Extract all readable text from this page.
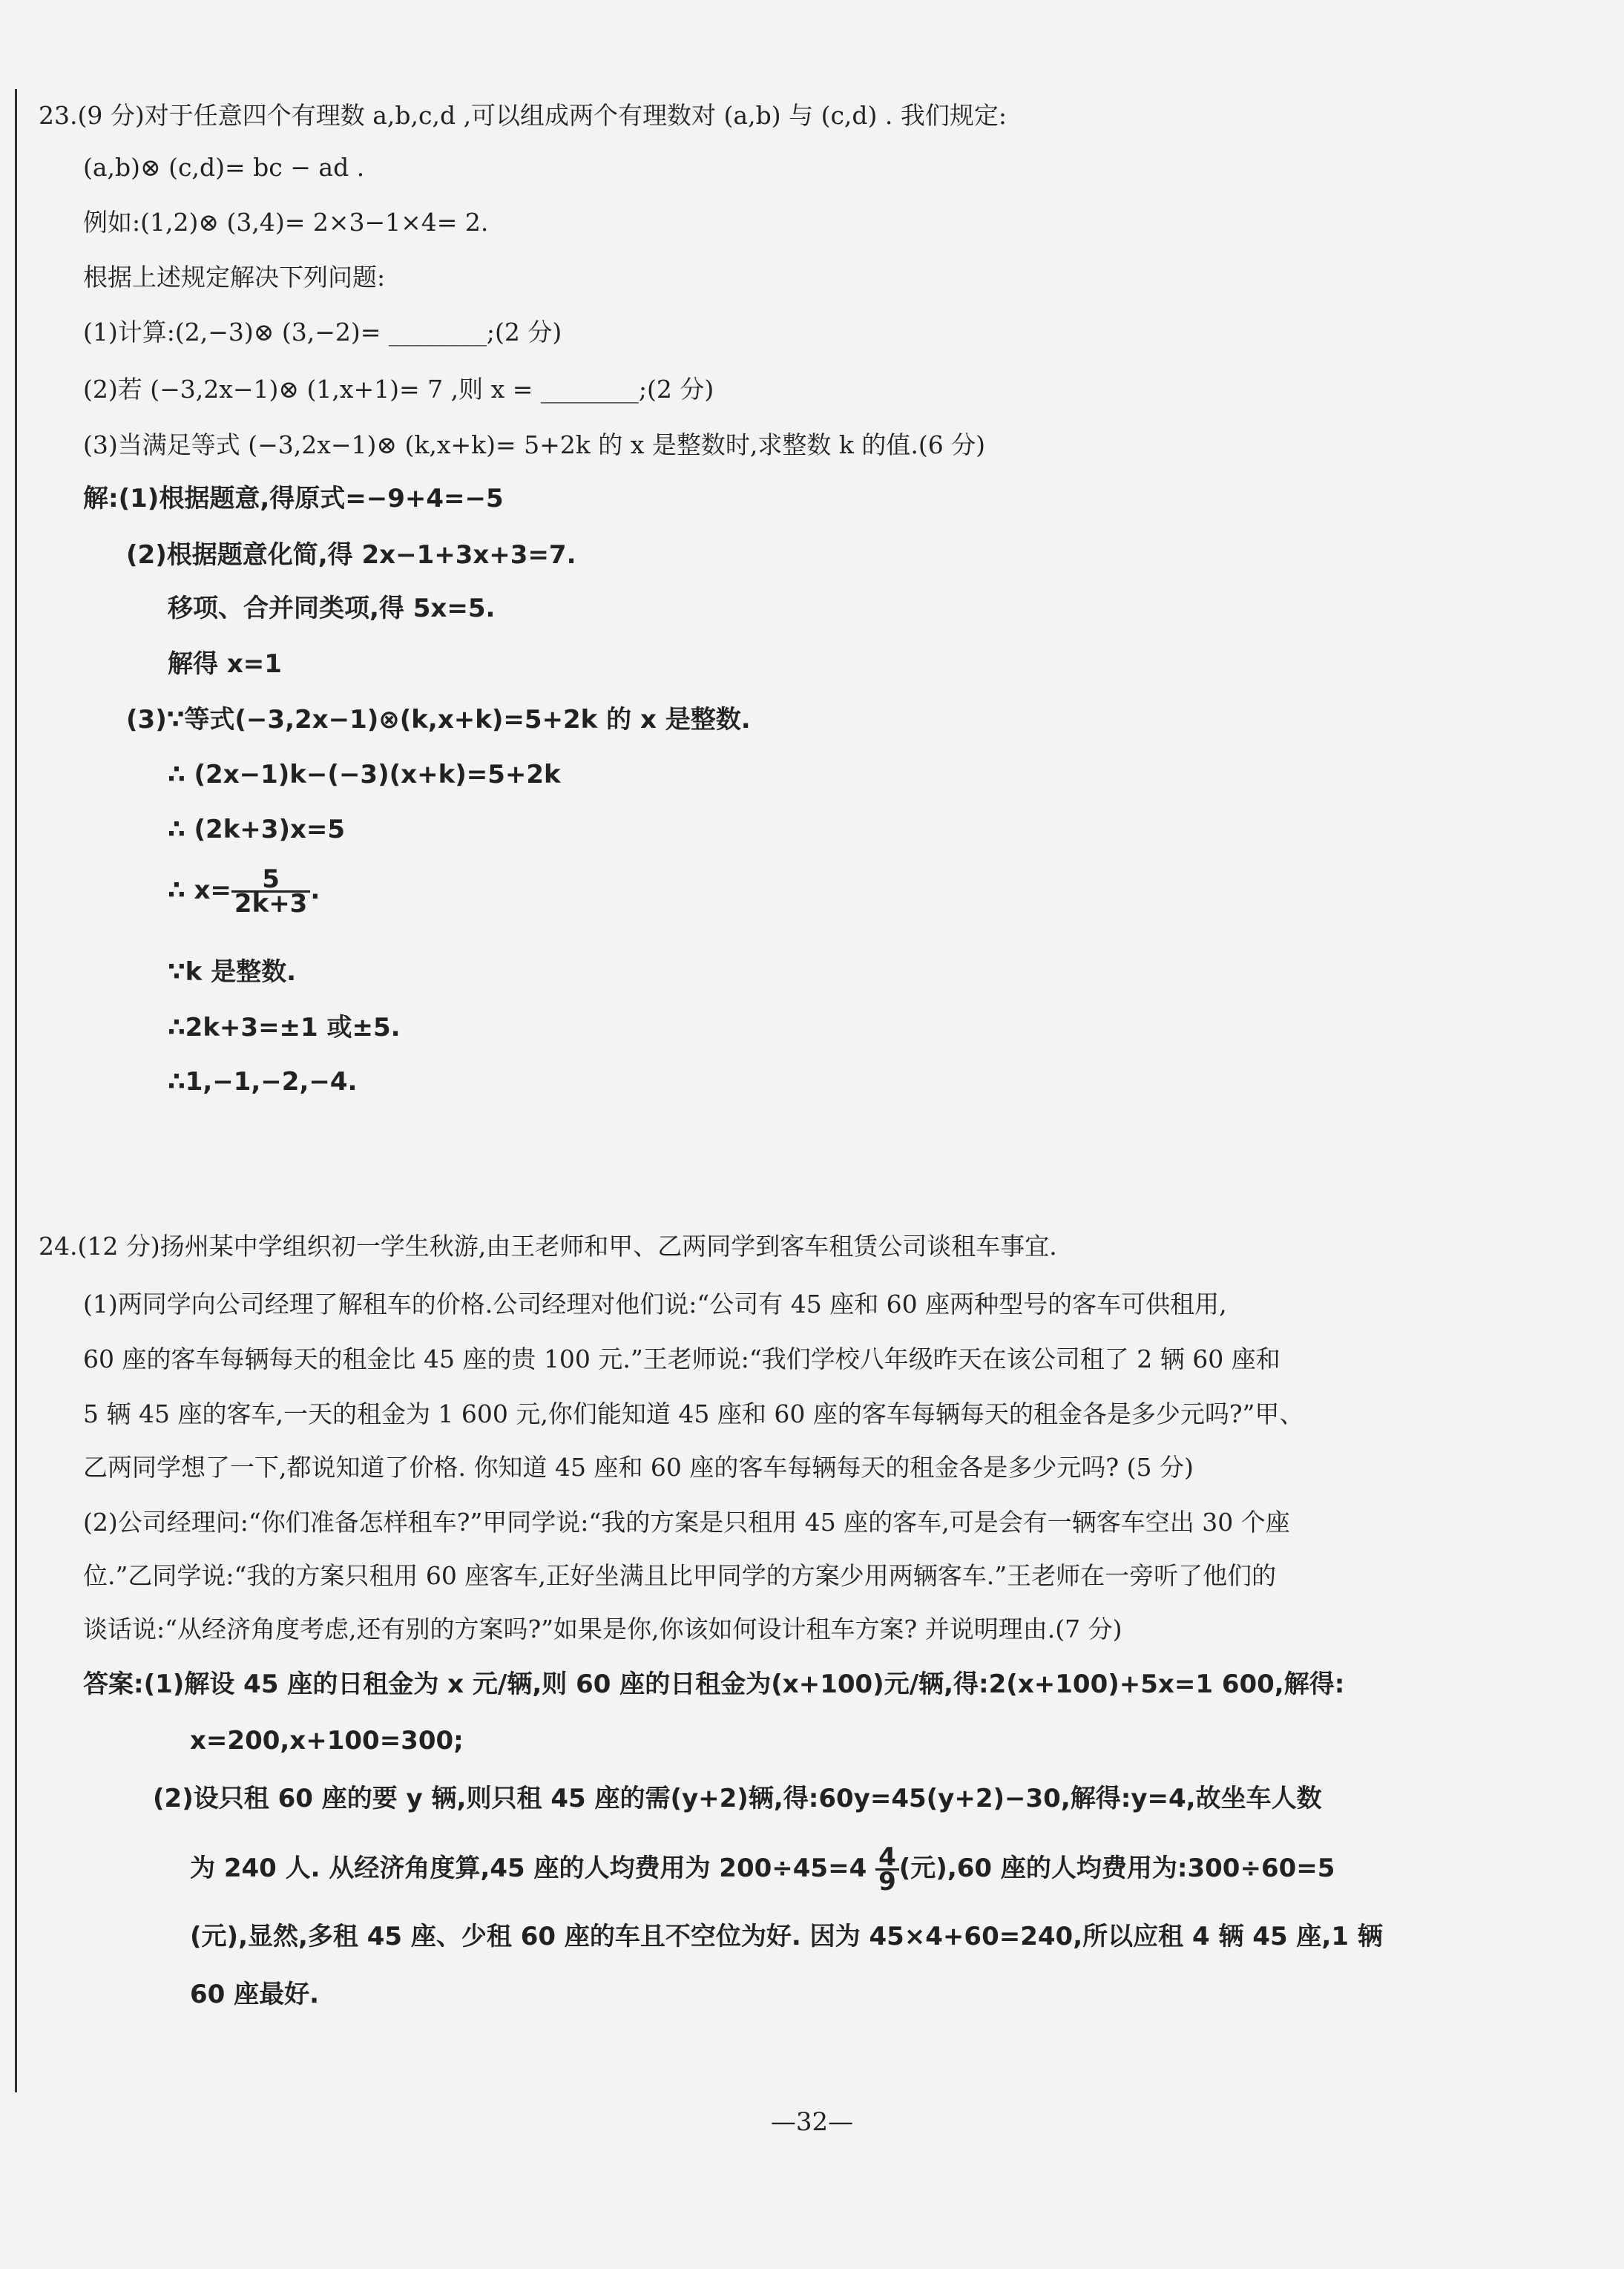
23.(9 分)对于任意四个有理数 a,b,c,d ,可以组成两个有理数对 (a,b) 与 (c,d) . 我们规定:
(a,b)⊗ (c,d)= bc − ad .
例如:(1,2)⊗ (3,4)= 2×3−1×4= 2.
根据上述规定解决下列问题:
(1)计算:(2,−3)⊗ (3,−2)= ________;(2 分)
(2)若 (−3,2x−1)⊗ (1,x+1)= 7 ,则 x = ________;(2 分)
(3)当满足等式 (−3,2x−1)⊗ (k,x+k)= 5+2k 的 x 是整数时,求整数 k 的值.(6 分)
解:(1)根据题意,得原式=−9+4=−5
(2)根据题意化简,得 2x−1+3x+3=7.
移项、合并同类项,得 5x=5.
解得 x=1
(3)∵等式(−3,2x−1)⊗(k,x+k)=5+2k 的 x 是整数.
∴ (2x−1)k−(−3)(x+k)=5+2k
∴ (2k+3)x=5
∴ $x= \frac{5}{2k+3}$ .
∵k 是整数.
∴2k+3=±1 或±5.
∴1,−1,−2,−4.
24.(12 分)扬州某中学组织初一学生秋游,由王老师和甲、乙两同学到客车租赁公司谈租车事宜.
(1)两同学向公司经理了解租车的价格.公司经理对他们说:“公司有 45 座和 60 座两种型号的客车可供租用,
60 座的客车每辆每天的租金比 45 座的贵 100 元.”王老师说:“我们学校八年级昨天在该公司租了 2 辆 60 座和
5 辆 45 座的客车,一天的租金为 1 600 元,你们能知道 45 座和 60 座的客车每辆每天的租金各是多少元吗?”甲、
乙两同学想了一下,都说知道了价格. 你知道 45 座和 60 座的客车每辆每天的租金各是多少元吗? (5 分)
(2)公司经理问:“你们准备怎样租车?”甲同学说:“我的方案是只租用 45 座的客车,可是会有一辆客车空出 30 个座
位.”乙同学说:“我的方案只租用 60 座客车,正好坐满且比甲同学的方案少用两辆客车.”王老师在一旁听了他们的
谈话说:“从经济角度考虑,还有别的方案吗?”如果是你,你该如何设计租车方案? 并说明理由.(7 分)
答案:(1)解设 45 座的日租金为 x 元/辆,则 60 座的日租金为(x+100)元/辆,得:2(x+100)+5x=1 600,解得:
x=200,x+100=300;
(2)设只租 60 座的要 y 辆,则只租 45 座的需(y+2)辆,得:60y=45(y+2)−30,解得:y=4,故坐车人数
为 240 人. 从经济角度算,45 座的人均费用为 $200\div 45=4 \frac{4}{9}$ (元),60 座的人均费用为:300÷60=5
(元),显然,多租 45 座、少租 60 座的车且不空位为好. 因为 45×4+60=240,所以应租 4 辆 45 座,1 辆
60 座最好.
—32—
